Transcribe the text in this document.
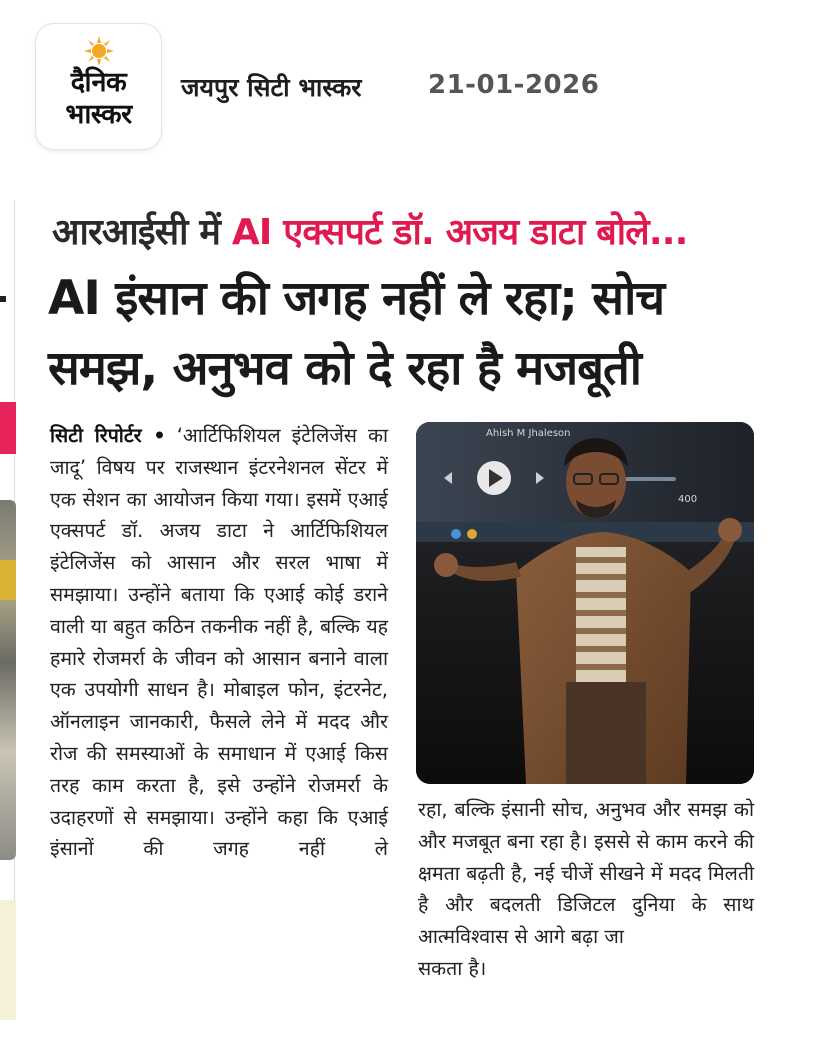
दैनिक
भास्कर
जयपुर सिटी भास्कर	21-01-2026
आरआईसी में AI एक्सपर्ट डॉ. अजय डाटा बोले...
AI इंसान की जगह नहीं ले रहा; सोच समझ, अनुभव को दे रहा है मजबूती
सिटी रिपोर्टर • ‘आर्टिफिशियल इंटेलिजेंस का जादू’ विषय पर राजस्थान इंटरनेशनल सेंटर में एक सेशन का आयोजन किया गया। इसमें एआई एक्सपर्ट डॉ. अजय डाटा ने आर्टिफिशियल इंटेलिजेंस को आसान और सरल भाषा में समझाया। उन्होंने बताया कि एआई कोई डराने वाली या बहुत कठिन तकनीक नहीं है, बल्कि यह हमारे रोजमर्रा के जीवन को आसान बनाने वाला एक उपयोगी साधन है। मोबाइल फोन, इंटरनेट, ऑनलाइन जानकारी, फैसले लेने में मदद और रोज की समस्याओं के समाधान में एआई किस तरह काम करता है, इसे उन्होंने रोजमर्रा के उदाहरणों से समझाया। उन्होंने कहा कि एआई इंसानों की जगह नहीं ले
Ahish M Jhaleson
400
रहा, बल्कि इंसानी सोच, अनुभव और समझ को और मजबूत बना रहा है। इससे से काम करने की क्षमता बढ़ती है, नई चीजें सीखने में मदद मिलती है और बदलती डिजिटल दुनिया के साथ आत्मविश्वास से आगे बढ़ा जा
सकता है।
